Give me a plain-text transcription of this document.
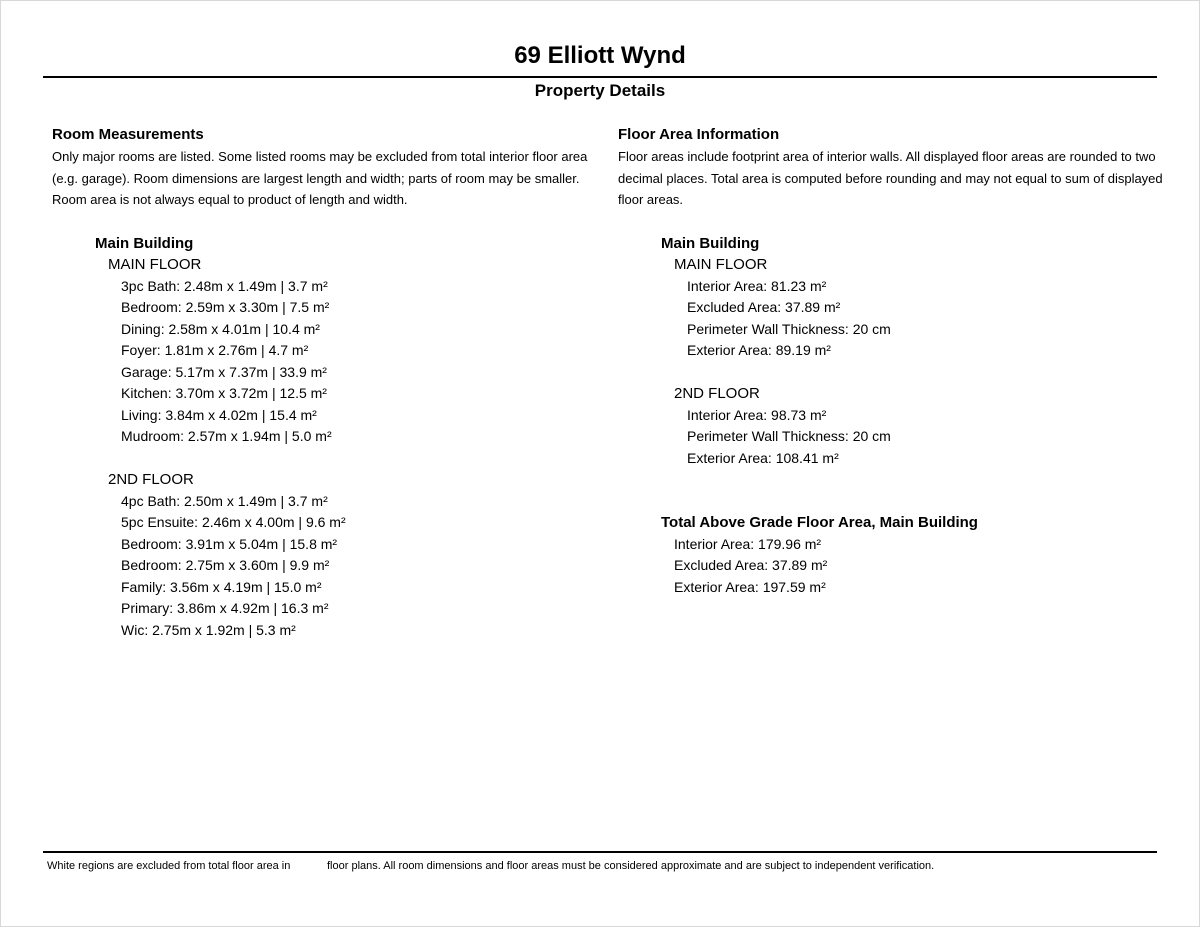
69 Elliott Wynd
Property Details
Room Measurements
Only major rooms are listed. Some listed rooms may be excluded from total interior floor area (e.g. garage). Room dimensions are largest length and width; parts of room may be smaller. Room area is not always equal to product of length and width.
Main Building
MAIN FLOOR
3pc Bath: 2.48m x 1.49m | 3.7 m²
Bedroom: 2.59m x 3.30m | 7.5 m²
Dining: 2.58m x 4.01m | 10.4 m²
Foyer: 1.81m x 2.76m | 4.7 m²
Garage: 5.17m x 7.37m | 33.9 m²
Kitchen: 3.70m x 3.72m | 12.5 m²
Living: 3.84m x 4.02m | 15.4 m²
Mudroom: 2.57m x 1.94m | 5.0 m²
2ND FLOOR
4pc Bath: 2.50m x 1.49m | 3.7 m²
5pc Ensuite: 2.46m x 4.00m | 9.6 m²
Bedroom: 3.91m x 5.04m | 15.8 m²
Bedroom: 2.75m x 3.60m | 9.9 m²
Family: 3.56m x 4.19m | 15.0 m²
Primary: 3.86m x 4.92m | 16.3 m²
Wic: 2.75m x 1.92m | 5.3 m²
Floor Area Information
Floor areas include footprint area of interior walls. All displayed floor areas are rounded to two decimal places. Total area is computed before rounding and may not equal to sum of displayed floor areas.
Main Building
MAIN FLOOR
Interior Area: 81.23 m²
Excluded Area: 37.89 m²
Perimeter Wall Thickness: 20 cm
Exterior Area: 89.19 m²
2ND FLOOR
Interior Area: 98.73 m²
Perimeter Wall Thickness: 20 cm
Exterior Area: 108.41 m²
Total Above Grade Floor Area, Main Building
Interior Area: 179.96 m²
Excluded Area: 37.89 m²
Exterior Area: 197.59 m²
White regions are excluded from total floor area in	floor plans. All room dimensions and floor areas must be considered approximate and are subject to independent verification.
